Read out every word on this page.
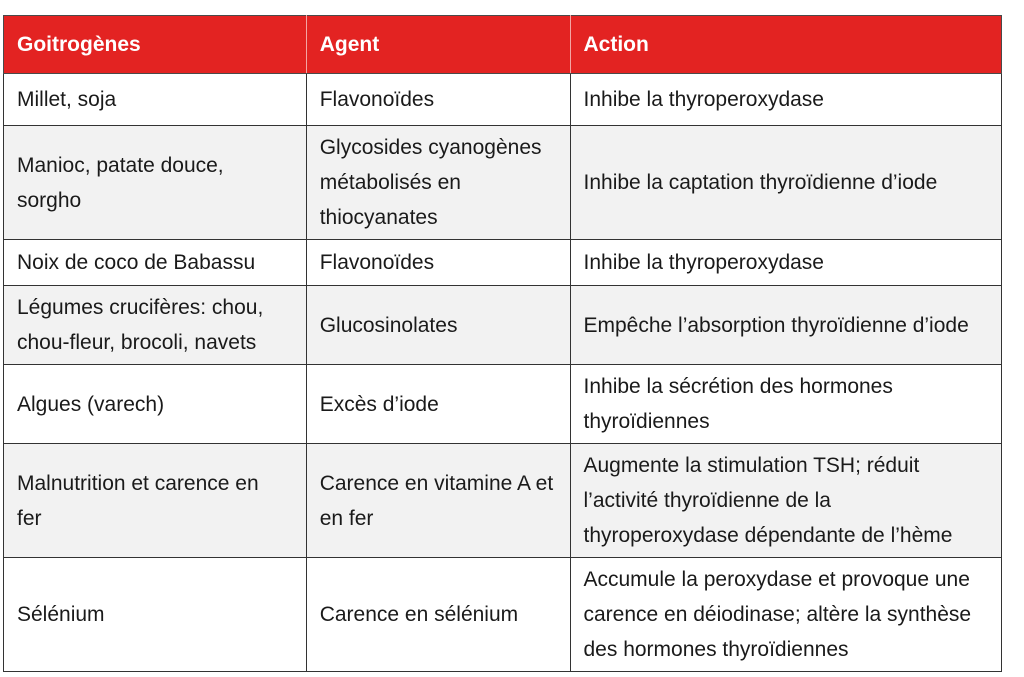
Goitrogènes	Agent	Action
Millet, soja	Flavonoïdes	Inhibe la thyroperoxydase
Manioc, patate douce, sorgho	Glycosides cyanogènes métabolisés en thiocyanates	Inhibe la captation thyroïdienne d’iode
Noix de coco de Babassu	Flavonoïdes	Inhibe la thyroperoxydase
Légumes crucifères: chou, chou-fleur, brocoli, navets	Glucosinolates	Empêche l’absorption thyroïdienne d’iode
Algues (varech)	Excès d’iode	Inhibe la sécrétion des hormones thyroïdiennes
Malnutrition et carence en fer	Carence en vitamine A et en fer	Augmente la stimulation TSH; réduit l’activité thyroïdienne de la thyroperoxydase dépendante de l’hème
Sélénium	Carence en sélénium	Accumule la peroxydase et provoque une carence en déiodinase; altère la synthèse des hormones thyroïdiennes
